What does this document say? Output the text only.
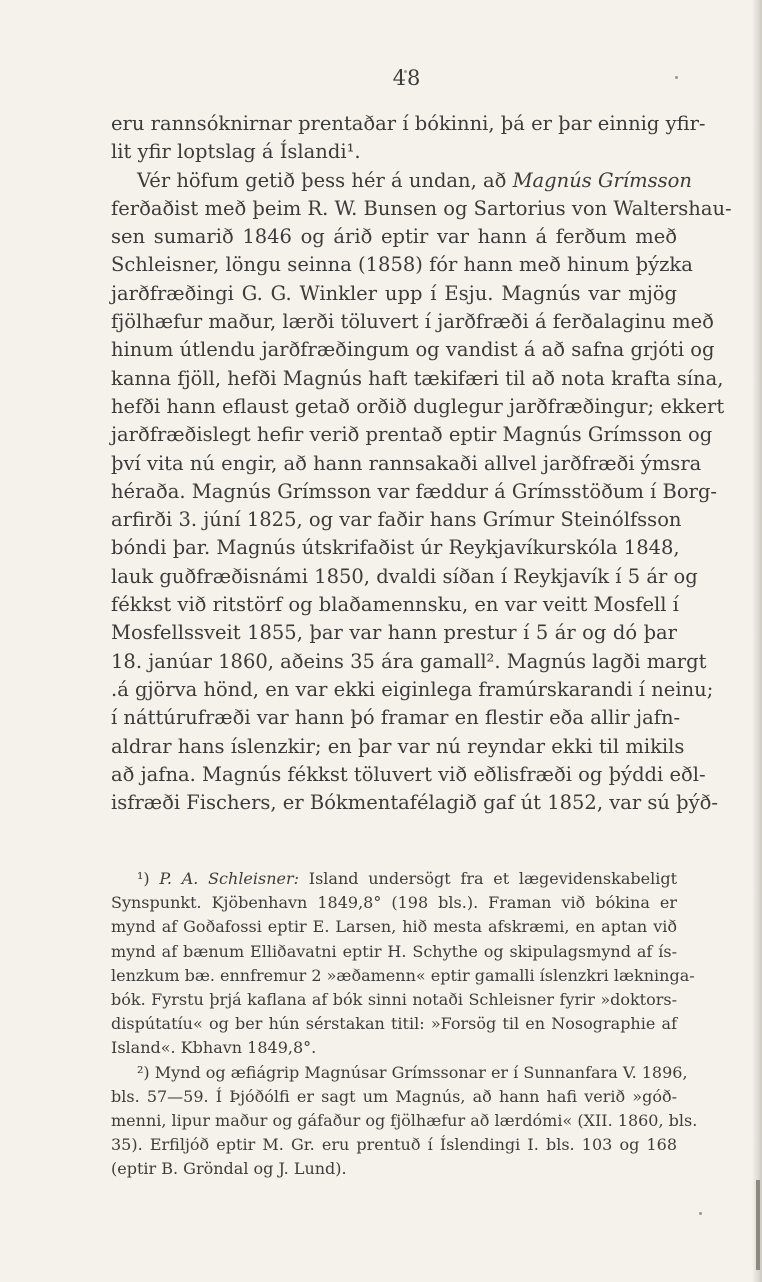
48
eru rannsóknirnar prentaðar í bókinni, þá er þar einnig yfir-
lit yfir loptslag á Íslandi¹.
Vér höfum getið þess hér á undan, að Magnús Grímsson
ferðaðist með þeim R. W. Bunsen og Sartorius von Waltershau-
sen sumarið 1846 og árið eptir var hann á ferðum með
Schleisner, löngu seinna (1858) fór hann með hinum þýzka
jarðfræðingi G. G. Winkler upp í Esju. Magnús var mjög
fjölhæfur maður, lærði töluvert í jarðfræði á ferðalaginu með
hinum útlendu jarðfræðingum og vandist á að safna grjóti og
kanna fjöll, hefði Magnús haft tækifæri til að nota krafta sína,
hefði hann eflaust getað orðið duglegur jarðfræðingur; ekkert
jarðfræðislegt hefir verið prentað eptir Magnús Grímsson og
því vita nú engir, að hann rannsakaði allvel jarðfræði ýmsra
héraða. Magnús Grímsson var fæddur á Grímsstöðum í Borg-
arfirði 3. júní 1825, og var faðir hans Grímur Steinólfsson
bóndi þar. Magnús útskrifaðist úr Reykjavíkurskóla 1848,
lauk guðfræðisnámi 1850, dvaldi síðan í Reykjavík í 5 ár og
fékkst við ritstörf og blaðamennsku, en var veitt Mosfell í
Mosfellssveit 1855, þar var hann prestur í 5 ár og dó þar
18. janúar 1860, aðeins 35 ára gamall². Magnús lagði margt
.á gjörva hönd, en var ekki eiginlega framúrskarandi í neinu;
í náttúrufræði var hann þó framar en flestir eða allir jafn-
aldrar hans íslenzkir; en þar var nú reyndar ekki til mikils
að jafna. Magnús fékkst töluvert við eðlisfræði og þýddi eðl-
isfræði Fischers, er Bókmentafélagið gaf út 1852, var sú þýð-
¹) P. A. Schleisner: Island undersögt fra et lægevidenskabeligt
Synspunkt. Kjöbenhavn 1849,8° (198 bls.). Framan við bókina er
mynd af Goðafossi eptir E. Larsen, hið mesta afskræmi, en aptan við
mynd af bænum Elliðavatni eptir H. Schythe og skipulagsmynd af ís-
lenzkum bæ. ennfremur 2 »æðamenn« eptir gamalli íslenzkri lækninga-
bók. Fyrstu þrjá kaflana af bók sinni notaði Schleisner fyrir »doktors-
dispútatíu« og ber hún sérstakan titil: »Forsög til en Nosographie af
Island«. Kbhavn 1849,8°.
²) Mynd og æfiágrip Magnúsar Grímssonar er í Sunnanfara V. 1896,
bls. 57—59. Í Þjóðólfi er sagt um Magnús, að hann hafi verið »góð-
menni, lipur maður og gáfaður og fjölhæfur að lærdómi« (XII. 1860, bls.
35). Erfiljóð eptir M. Gr. eru prentuð í Íslendingi I. bls. 103 og 168
(eptir B. Gröndal og J. Lund).
